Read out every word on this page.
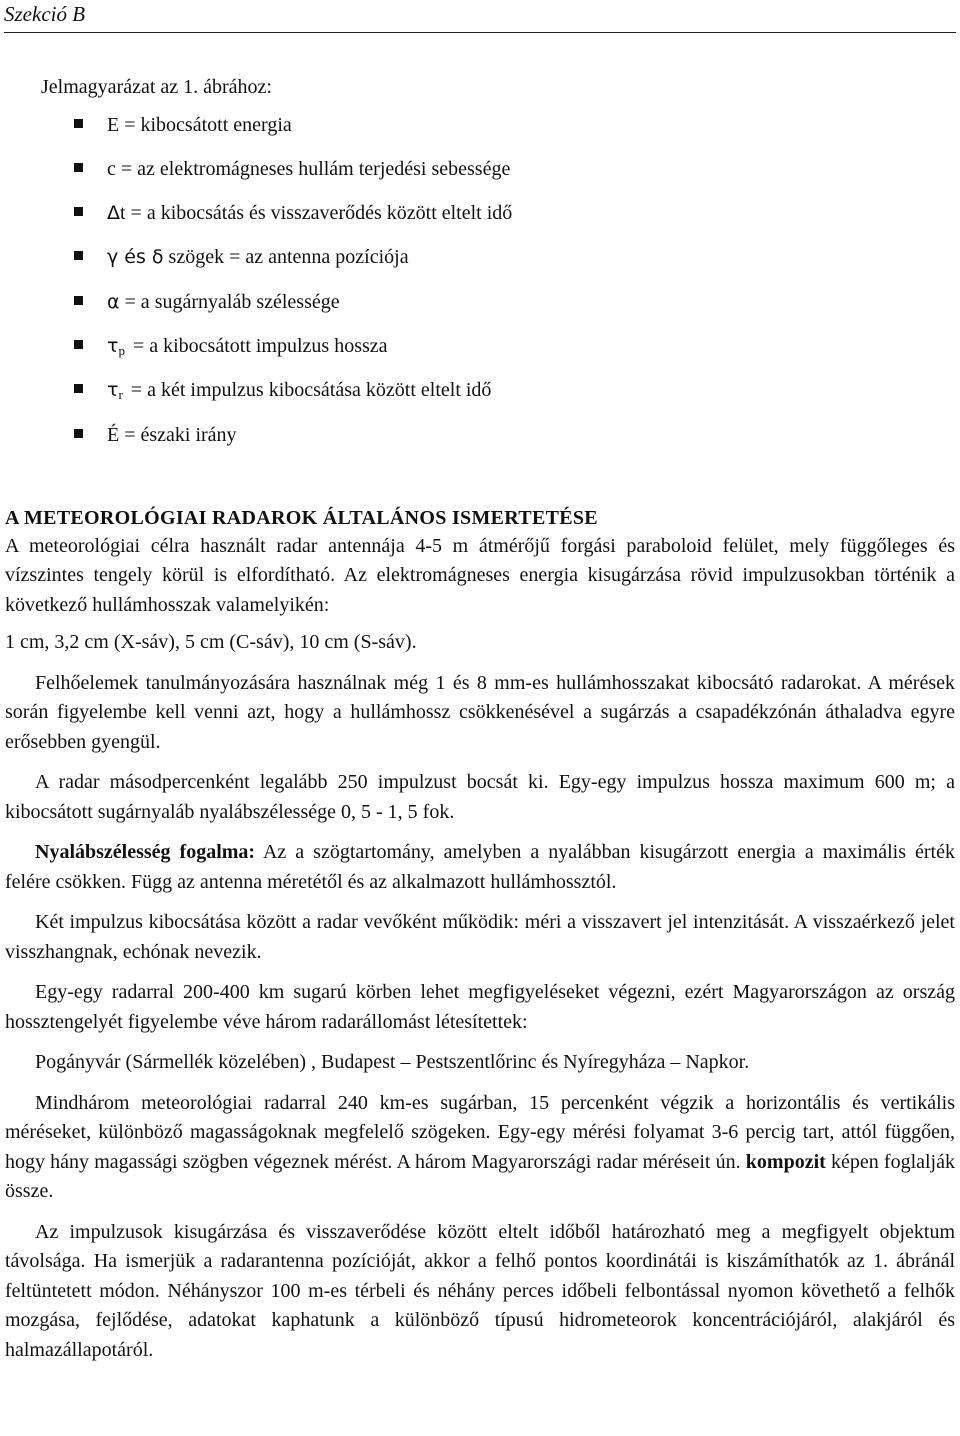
Szekció B
Jelmagyarázat az 1. ábrához:
E = kibocsátott energia
c = az elektromágneses hullám terjedési sebessége
Δt = a kibocsátás és visszaverődés között eltelt idő
γ és δ szögek = az antenna pozíciója
α = a sugárnyaláb szélessége
$\tau_p = a$ kibocsátott impulzus hossza
$\tau_r = a$ két impulzus kibocsátása között eltelt idő
É = északi irány
A METEOROLÓGIAI RADAROK ÁLTALÁNOS ISMERTETÉSE

A meteorológiai célra használt radar antennája 4-5 m átmérőjű forgási paraboloid felület, mely függőleges és vízszintes tengely körül is elfordítható. Az elektromágneses energia kisugárzása rövid impulzusokban történik a következő hullámhosszak valamelyikén:

1 cm, 3,2 cm (X-sáv), 5 cm (C-sáv), 10 cm (S-sáv).

Felhőelemek tanulmányozására használnak még 1 és 8 mm-es hullámhosszakat kibocsátó radarokat. A mérések során figyelembe kell venni azt, hogy a hullámhossz csökkenésével a sugárzás a csapadékzónán áthaladva egyre erősebben gyengül.

A radar másodpercenként legalább 250 impulzust bocsát ki. Egy-egy impulzus hossza maximum 600 m; a kibocsátott sugárnyaláb nyalábszélessége 0, 5 - 1, 5 fok.

Nyalábszélesség fogalma: Az a szögtartomány, amelyben a nyalábban kisugárzott energia a maximális érték felére csökken. Függ az antenna méretétől és az alkalmazott hullámhossztól.

Két impulzus kibocsátása között a radar vevőként működik: méri a visszavert jel intenzitását. A visszaérkező jelet visszhangnak, echónak nevezik.

Egy-egy radarral 200-400 km sugarú körben lehet megfigyeléseket végezni, ezért Magyarországon az ország hossztengelyét figyelembe véve három radarállomást létesítettek:

Pogányvár (Sármellék közelében) , Budapest – Pestszentlőrinc és Nyíregyháza – Napkor.

Mindhárom meteorológiai radarral 240 km-es sugárban, 15 percenként végzik a horizontális és vertikális méréseket, különböző magasságoknak megfelelő szögeken. Egy-egy mérési folyamat 3-6 percig tart, attól függően, hogy hány magassági szögben végeznek mérést. A három Magyarországi radar méréseit ún. kompozit képen foglalják össze.

Az impulzusok kisugárzása és visszaverődése között eltelt időből határozható meg a megfigyelt objektum távolsága. Ha ismerjük a radarantenna pozícióját, akkor a felhő pontos koordinátái is kiszámíthatók az 1. ábránál feltüntetett módon. Néhányszor 100 m-es térbeli és néhány perces időbeli felbontással nyomon követhető a felhők mozgása, fejlődése, adatokat kaphatunk a különböző típusú hidrometeorok koncentrációjáról, alakjáról és halmazállapotáról.
